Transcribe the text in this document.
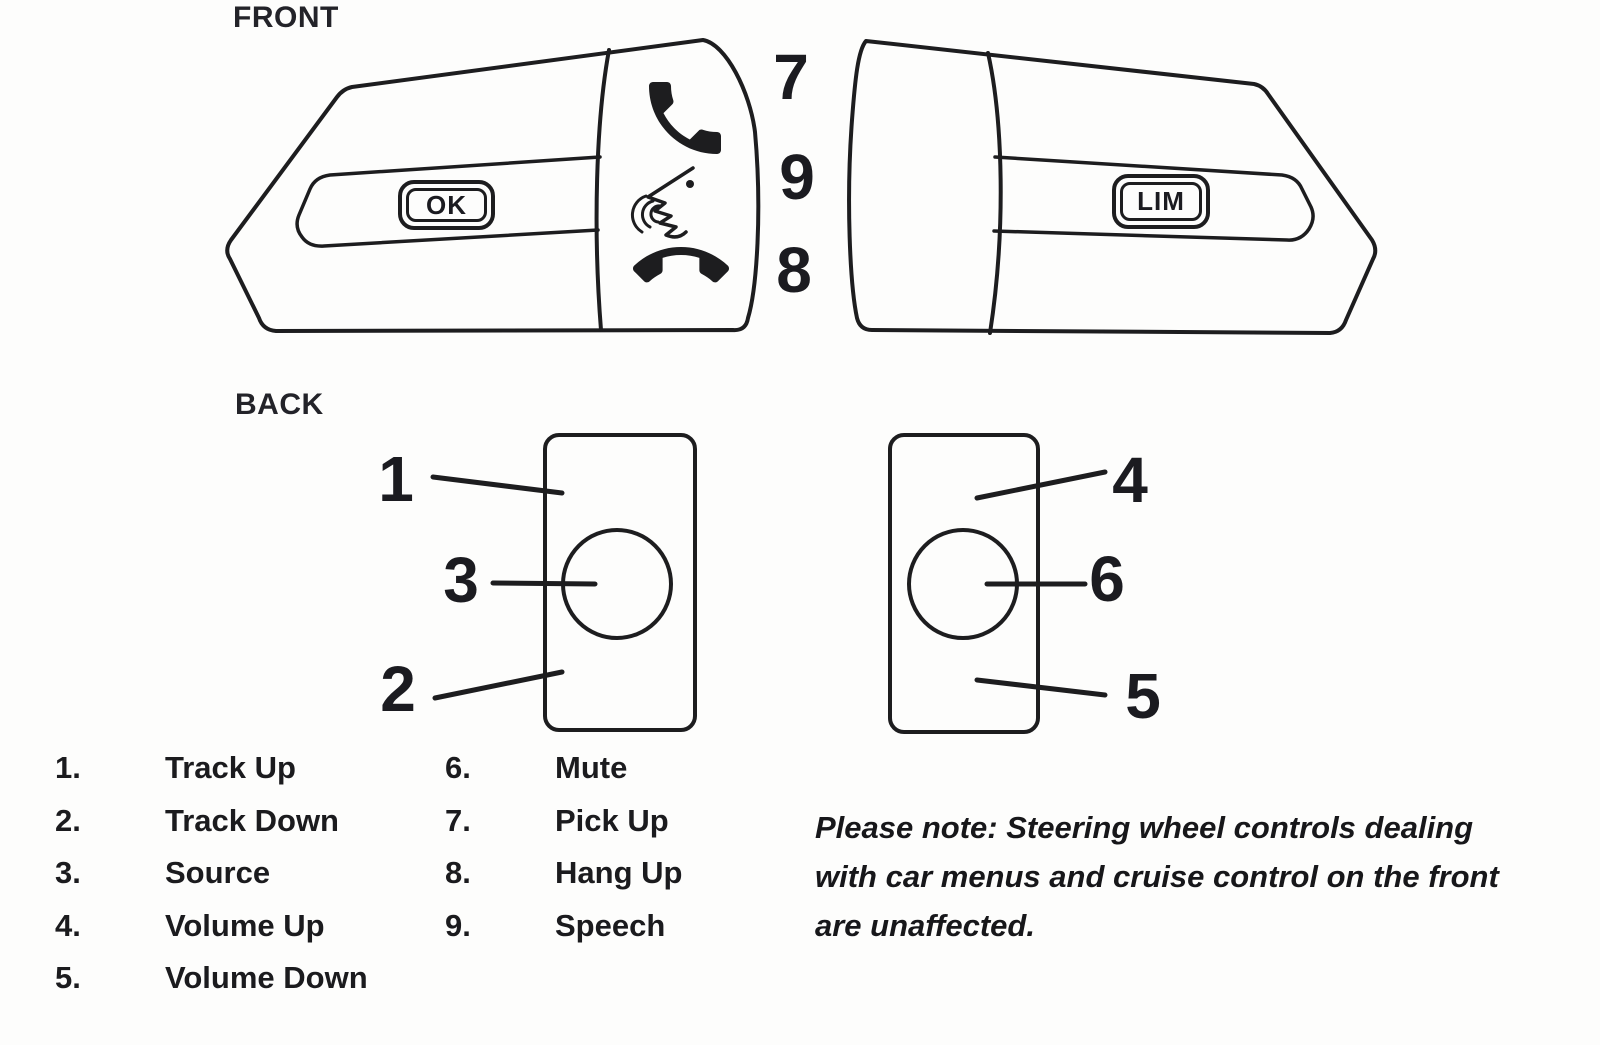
FRONT
BACK
OK	LIM
7
9
8
1
3
2
4
6
5
1.	Track Up
2.	Track Down
3.	Source
4.	Volume Up
5.	Volume Down
6.	Mute
7.	Pick Up
8.	Hang Up
9.	Speech
Please note: Steering wheel controls dealing
with car menus and cruise control on the front
are unaffected.
